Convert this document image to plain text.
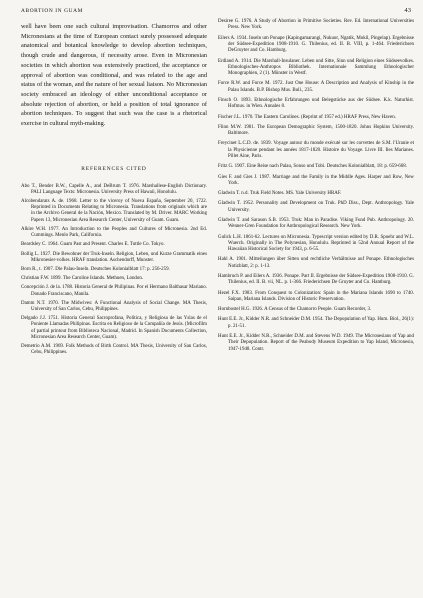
ABORTION IN GUAM	43

well have been one such cultural improvisation. Chamorros and other Micronesians at the time of European contact surely possessed adequate anatomical and botanical knowledge to develop abortion techniques, though crude and dangerous, if necessity arose. Even in Micronesian societies in which abortion was extensively practiced, the acceptance or approval of abortion was conditional, and was related to the age and status of the woman, and the nature of her sexual liaison. No Micronesian society embraced an ideology of either unconditional acceptance or absolute rejection of abortion, or held a position of total ignorance of abortion techniques. To suggest that such was the case is a rhetorical exercise in cultural myth-making.

REFERENCES CITED

Abo T., Bender B.W., Capelle A., and DeBrum T. 1976. Marshallese-English Dictionary. PALI Language Texts: Micronesia. University Press of Hawaii, Honolulu.

Alcobendarats A. de. 1968. Letter to the viceroy of Nueva España, September 20, 1722. Reprinted in Documents Relating to Micronesia. Translations from originals which are in the Archivo General de la Nación, Mexico. Translated by M. Driver. MARC Working Papers 13, Micronesian Area Research Center, University of Guam. Guam.

Alkire W.H. 1977. An Introduction to the Peoples and Cultures of Micronesia. 2nd Ed. Cummings. Menlo Park, California.

Beardsley C. 1964. Guam Past and Present. Charles E. Tuttle Co. Tokyo.

Bollig L. 1927. Die Bewohner der Truk-Inseln. Religion, Leben, und Kurze Grammatik eines Mikronesier-volkes. HRAF translation. Aschendorff, Munster.

Born R., t. 1907. Die Palau-Inseln. Deutsches Kolonialblatt 17: p. 256-259.

Christian F.W. 1899. The Caroline Islands. Methuen, London.

Concepción J. de la. 1788. Historia General de Philipinas. Por el Hermano Balthasar Mariano. Donado Franciscano, Manila.

Damm N.T. 1970. The Midwives: A Functional Analysis of Social Change. MA Thesis, University of San Carlos, Cebu, Philippines.

Delgado J.J. 1751. Historia General Sacroprofana, Política, y Religiosa de las Yslas de el Poniente Llamadas Philipinas. Escrita en Religioso de la Compañía de Jesús. (Microfilm of partial printout from Biblioteca Nacional, Madrid. In Spanish Documents Collection, Micronesian Area Research Center, Guam).

Demetrio A.M. 1969. Folk Methods of Birth Control. MA Thesis, University of San Carlos, Cebu, Philippines.

Desiree G. 1976. A Study of Abortion in Primitive Societies. Rev. Ed. International Universities Press. New York.

Eilers A. 1934. Inseln um Ponape (Kapingamarangi, Nukuor, Ngatik, Mokil, Pingelap). Ergebnisse der Südsee-Expedition 1908-1910. G. Thilenius, ed. II. B. VIII, p. 1-464. Friederichsen DeGruyter and Co. Hamburg.

Erdland A. 1914. Die Marshall-Insulaner. Leben und Sitte, Sinn und Religion eines Südseevolkes. Ethnologisches-Anthropos Bibliothek. Internationale Sammlung Ethnologischer Monographien, 2 (1). Münster in Westf.

Force R.W. and Force M. 1972. Just One House: A Description and Analysis of Kinship in the Palau Islands. B.P. Bishop Mus. Bull., 235.

Finsch O. 1893. Ethnologische Erfahrungen und Belegstücke aus der Südsee. K.k. Naturhist. Hofmus. in Wien. Annales 8.

Fischer J.L. 1970. The Eastern Carolines. (Reprint of 1957 ed.) HRAF Press, New Haven.

Flinn M.W. 1981. The European Demographic System, 1500-1820. Johns Hopkins University. Baltimore.

Freycinet L.C.D. de. 1839. Voyage autour du monde exécuté sur les corvettes de S.M. l'Uranie et la Physicienne pendant les années 1817-1820. Histoire du Voyage. Livre III. Iles Marianes. Pillet Aine, Paris.

Fritz G. 1907. Eine Reise nach Palau, Sonso und Tobi. Deutsches Kolonialblatt, 18: p. 659-668.

Gies F. and Gies J. 1987. Marriage and the Family in the Middle Ages. Harper and Row, New York.

Gladwin T. n.d. Truk Field Notes. MS. Yale University HRAF.

Gladwin T. 1952. Personality and Development on Truk. PhD Diss., Dept. Anthropology. Yale University.

Gladwin T. and Sarason S.B. 1953. Truk: Man in Paradise. Viking Fund Pub. Anthropology. 20. Wenner-Gren Foundation for Anthropological Research. New York.

Gulick L.H. 1861-62. Lectures on Micronesia. Typescript version edited by D.R. Spoehr and W.L. Wuerch. Originally in The Polynesian, Honolulu. Reprinted in 52nd Annual Report of the Hawaiian Historical Society for 1943, p. 6-55.

Hahl A. 1901. Mitteilungen über Sitten und rechtliche Verhältnisse auf Ponape. Ethnologisches Notizblatt, 2: p. 1-13.

Hambruch P. and Eilers A. 1936. Ponape. Part II. Ergebnisse der Südsee-Expedition 1908-1910. G. Thilenius, ed. II. B. vii, NL. p. 1-366. Friederichsen De Gruyter and Co. Hamburg.

Hezel F.X. 1983. From Conquest to Colonization: Spain in the Mariana Islands 1690 to 1740. Saipan, Mariana Islands. Division of Historic Preservation.

Hornbostel H.G. 1926. A Census of the Chamorro People. Guam Recorder, 3.

Hunt E.E. Jr., Kidder N.R. and Schneider D.M. 1954. The Depopulation of Yap. Hum. Biol., 26(1): p. 21-51.

Hunt E.E. Jr., Kidder N.R., Schneider D.M. and Stevens W.D. 1949. The Micronesians of Yap and Their Depopulation. Report of the Peabody Museum Expedition to Yap Island, Micronesia, 1947-1948. Contr.
